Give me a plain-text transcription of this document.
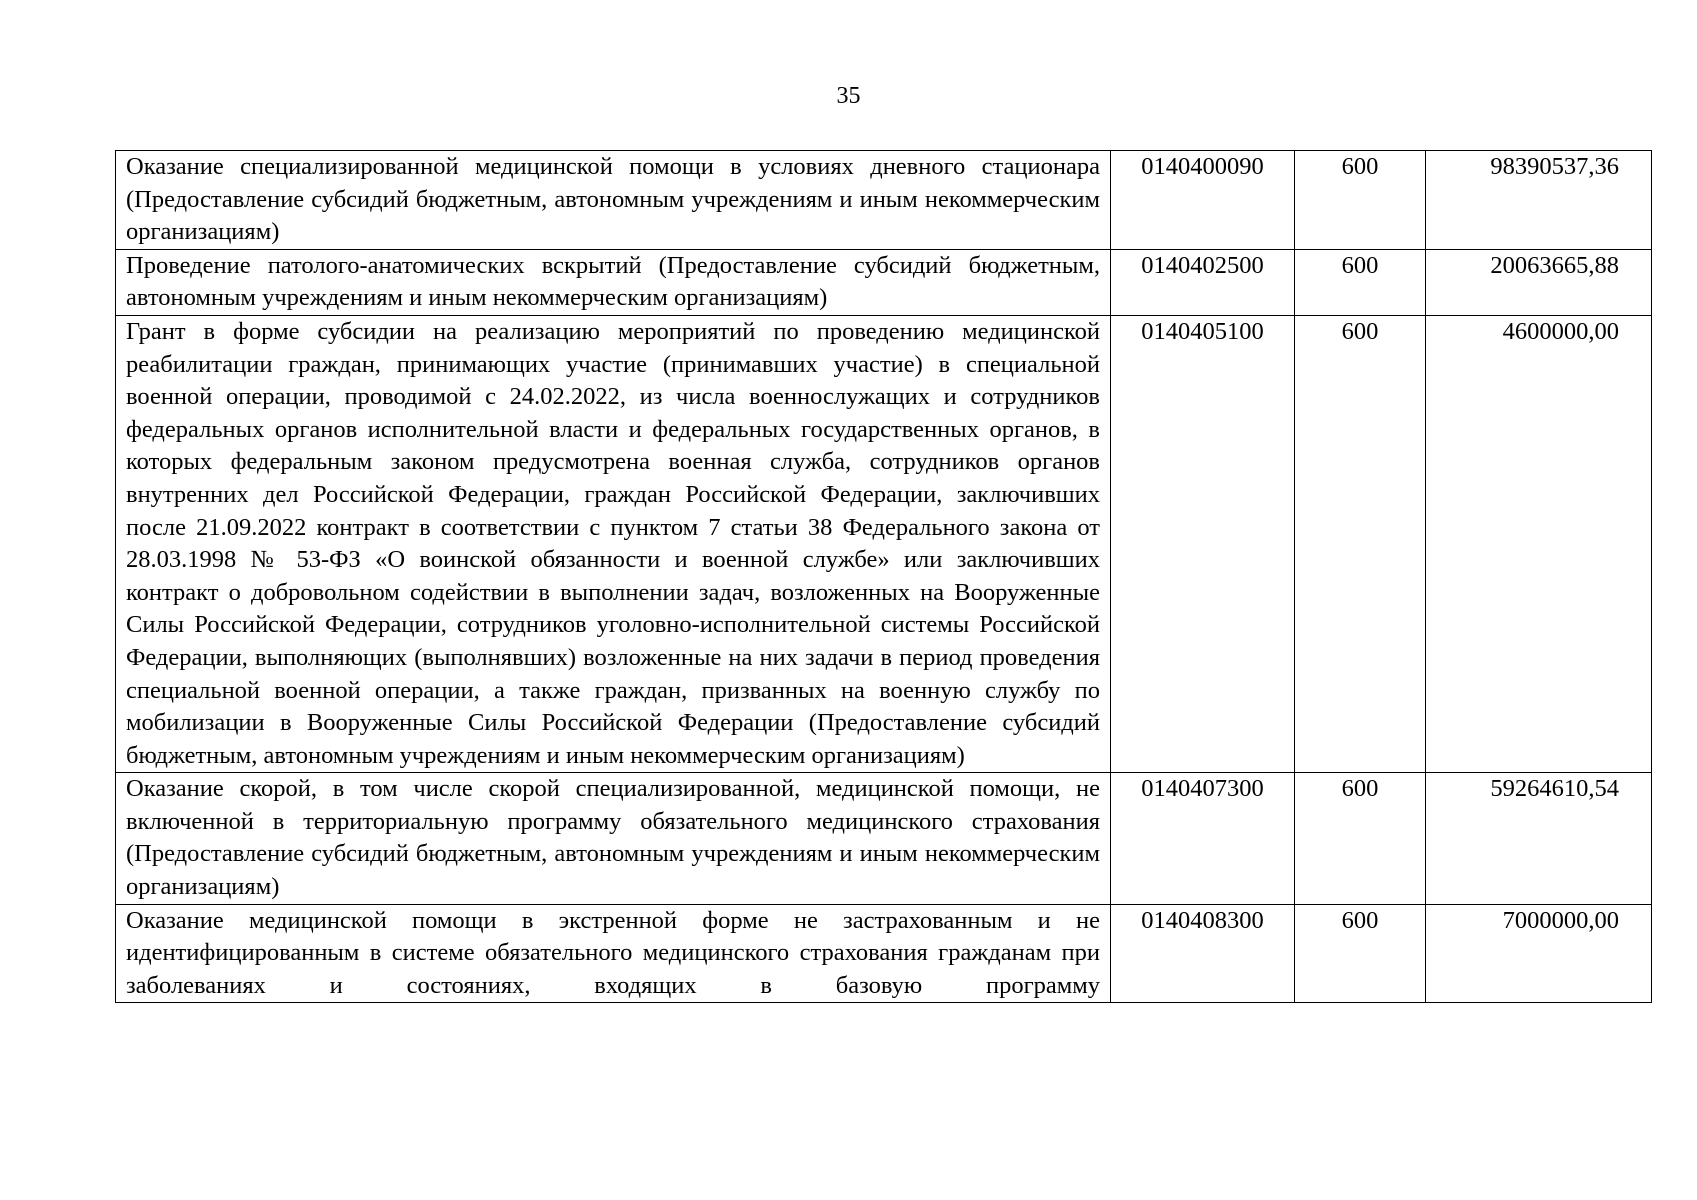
35
Оказание специализированной медицинской помощи в условиях дневного стационара (Предоставление субсидий бюджетным, автономным учреждениям и иным некоммерческим организациям)	0140400090	600	98390537,36
Проведение патолого-анатомических вскрытий (Предоставление субсидий бюджетным, автономным учреждениям и иным некоммерческим организациям)	0140402500	600	20063665,88
Грант в форме субсидии на реализацию мероприятий по проведению медицинской реабилитации граждан, принимающих участие (принимавших участие) в специальной военной операции, проводимой с 24.02.2022, из числа военнослужащих и сотрудников федеральных органов исполнительной власти и федеральных государственных органов, в которых федеральным законом предусмотрена военная служба, сотрудников органов внутренних дел Российской Федерации, граждан Российской Федерации, заключивших после 21.09.2022 контракт в соответствии с пунктом 7 статьи 38 Федерального закона от 28.03.1998 № 53-ФЗ «О воинской обязанности и военной службе» или заключивших контракт о добровольном содействии в выполнении задач, возложенных на Вооруженные Силы Российской Федерации, сотрудников уголовно-исполнительной системы Российской Федерации, выполняющих (выполнявших) возложенные на них задачи в период проведения специальной военной операции, а также граждан, призванных на военную службу по мобилизации в Вооруженные Силы Российской Федерации (Предоставление субсидий бюджетным, автономным учреждениям и иным некоммерческим организациям)	0140405100	600	4600000,00
Оказание скорой, в том числе скорой специализированной, медицинской помощи, не включенной в территориальную программу обязательного медицинского страхования (Предоставление субсидий бюджетным, автономным учреждениям и иным некоммерческим организациям)	0140407300	600	59264610,54

Оказание медицинской помощи в экстренной форме не застрахованным и не идентифицированным в системе обязательного медицинского страхования гражданам при заболеваниях и состояниях, входящих в базовую программу	0140408300	600	7000000,00
